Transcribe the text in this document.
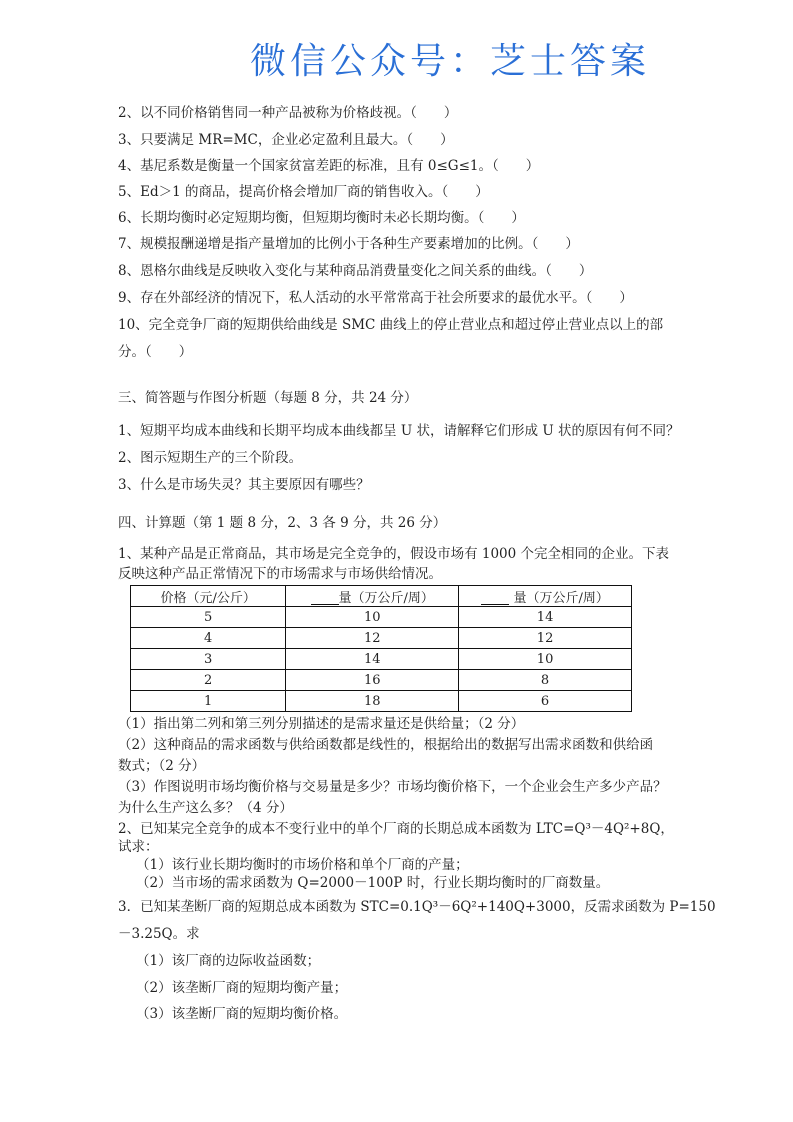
微信公众号：芝士答案
2、以不同价格销售同一种产品被称为价格歧视。（　　）
3、只要满足 MR=MC，企业必定盈利且最大。（　　）
4、基尼系数是衡量一个国家贫富差距的标准，且有 0≤G≤1。（　　）
5、Ed＞1 的商品，提高价格会增加厂商的销售收入。（　　）
6、长期均衡时必定短期均衡，但短期均衡时未必长期均衡。（　　）
7、规模报酬递增是指产量增加的比例小于各种生产要素增加的比例。（　　）
8、恩格尔曲线是反映收入变化与某种商品消费量变化之间关系的曲线。（　　）
9、存在外部经济的情况下，私人活动的水平常常高于社会所要求的最优水平。（　　）
10、完全竞争厂商的短期供给曲线是 SMC 曲线上的停止营业点和超过停止营业点以上的部
分。（　　）
三、简答题与作图分析题（每题 8 分，共 24 分）
1、短期平均成本曲线和长期平均成本曲线都呈 U 状，请解释它们形成 U 状的原因有何不同？
2、图示短期生产的三个阶段。
3、什么是市场失灵？其主要原因有哪些？
四、计算题（第 1 题 8 分，2、3 各 9 分，共 26 分）
1、某种产品是正常商品，其市场是完全竞争的，假设市场有 1000 个完全相同的企业。下表
反映这种产品正常情况下的市场需求与市场供给情况。
价格（元/公斤）	量（万公斤/周）	量（万公斤/周）
5	10	14
4	12	12
3	14	10
2	16	8
1	18	6
（1）指出第二列和第三列分别描述的是需求量还是供给量；（2 分）
（2）这种商品的需求函数与供给函数都是线性的，根据给出的数据写出需求函数和供给函
数式；（2 分）
（3）作图说明市场均衡价格与交易量是多少？市场均衡价格下，一个企业会生产多少产品？
为什么生产这么多？（4 分）
2、已知某完全竞争的成本不变行业中的单个厂商的长期总成本函数为 LTC=Q³－4Q²+8Q，
试求：
（1）该行业长期均衡时的市场价格和单个厂商的产量；
（2）当市场的需求函数为 Q=2000－100P 时，行业长期均衡时的厂商数量。
3．已知某垄断厂商的短期总成本函数为 STC=0.1Q³－6Q²+140Q+3000，反需求函数为 P=150
－3.25Q。求
（1）该厂商的边际收益函数；
（2）该垄断厂商的短期均衡产量；
（3）该垄断厂商的短期均衡价格。
